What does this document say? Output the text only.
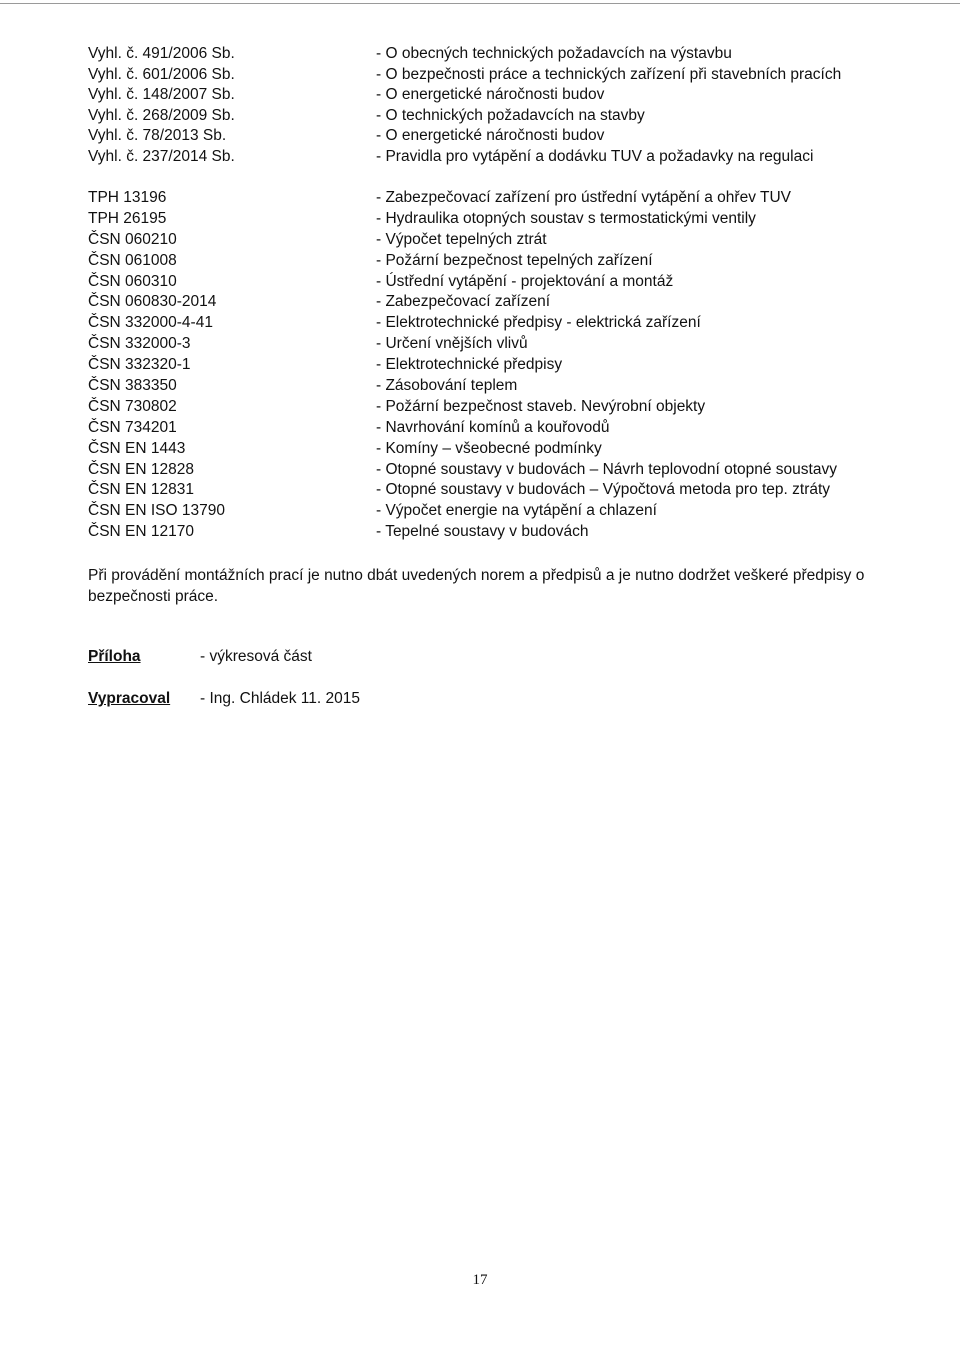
Vyhl. č. 491/2006 Sb.	- O obecných technických požadavcích na výstavbu
Vyhl. č. 601/2006 Sb.	- O bezpečnosti práce a technických zařízení při stavebních pracích
Vyhl. č. 148/2007 Sb.	- O energetické náročnosti budov
Vyhl. č. 268/2009 Sb.	- O technických požadavcích na stavby
Vyhl. č. 78/2013 Sb.	- O energetické náročnosti budov
Vyhl. č. 237/2014 Sb.	- Pravidla pro vytápění a dodávku TUV a požadavky na regulaci
TPH 13196	- Zabezpečovací zařízení pro ústřední vytápění a ohřev TUV
TPH 26195	- Hydraulika otopných soustav s termostatickými ventily
ČSN 060210	- Výpočet tepelných ztrát
ČSN 061008	- Požární bezpečnost tepelných zařízení
ČSN 060310	- Ústřední vytápění - projektování a montáž
ČSN 060830-2014	- Zabezpečovací zařízení
ČSN 332000-4-41	- Elektrotechnické předpisy - elektrická zařízení
ČSN 332000-3	- Určení vnějších vlivů
ČSN 332320-1	- Elektrotechnické předpisy
ČSN 383350	- Zásobování teplem
ČSN 730802	- Požární bezpečnost staveb. Nevýrobní objekty
ČSN 734201	- Navrhování komínů a kouřovodů
ČSN EN 1443	- Komíny – všeobecné podmínky
ČSN EN 12828	- Otopné soustavy v budovách – Návrh teplovodní otopné soustavy
ČSN EN 12831	- Otopné soustavy v budovách – Výpočtová metoda pro tep. ztráty
ČSN EN ISO 13790	- Výpočet energie na vytápění a chlazení
ČSN EN 12170	- Tepelné soustavy v budovách
Při provádění montážních prací je nutno dbát uvedených norem a předpisů a je nutno dodržet veškeré předpisy o bezpečnosti práce.
Příloha	- výkresová část
Vypracoval	- Ing. Chládek 11. 2015
17
